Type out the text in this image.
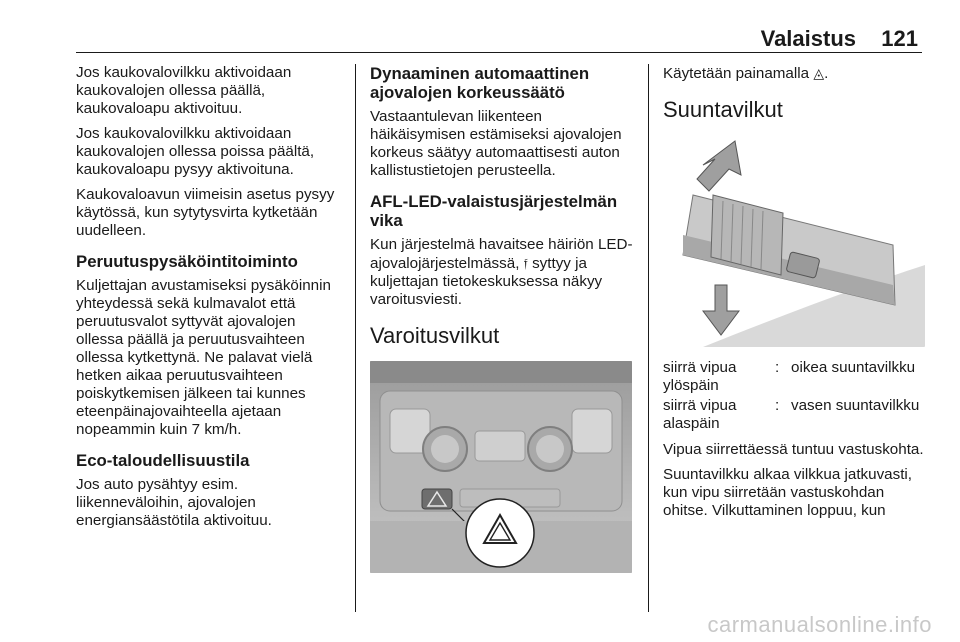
Valaistus 121

Jos kaukovalovilkku aktivoidaan kaukovalojen ollessa päällä, kaukovaloapu aktivoituu.

Jos kaukovalovilkku aktivoidaan kaukovalojen ollessa poissa päältä, kaukovaloapu pysyy aktivoituna.

Kaukovaloavun viimeisin asetus pysyy käytössä, kun sytytysvirta kytketään uudelleen.

Peruutuspysäköintitoiminto

Kuljettajan avustamiseksi pysäköinnin yhteydessä sekä kulmavalot että peruutusvalot syttyvät ajovalojen ollessa päällä ja peruutusvaihteen ollessa kytkettynä. Ne palavat vielä hetken aikaa peruutusvaihteen poiskytkemisen jälkeen tai kunnes eteenpäinajovaihteella ajetaan nopeammin kuin 7 km/h.

Eco-taloudellisuustila

Jos auto pysähtyy esim. liikenneväloihin, ajovalojen energiansäästötila aktivoituu.

Dynaaminen automaattinen ajovalojen korkeussäätö

Vastaantulevan liikenteen häikäisymisen estämiseksi ajovalojen korkeus säätyy automaattisesti auton kallistustietojen perusteella.

AFL-LED-valaistusjärjestelmän vika

Kun järjestelmä havaitsee häiriön LED-ajovalojärjestelmässä, 𝔣 syttyy ja kuljettajan tietokeskuksessa näkyy varoitusviesti.

Varoitusvilkut

Käytetään painamalla ◬.

Suuntavilkut
siirrä vipua ylöspäin	:	oikea suuntavilkku
siirrä vipua alaspäin	:	vasen suuntavilkku

Vipua siirrettäessä tuntuu vastuskohta.

Suuntavilkku alkaa vilkkua jatkuvasti, kun vipu siirretään vastuskohdan ohitse. Vilkuttaminen loppuu, kun

carmanualsonline.info
